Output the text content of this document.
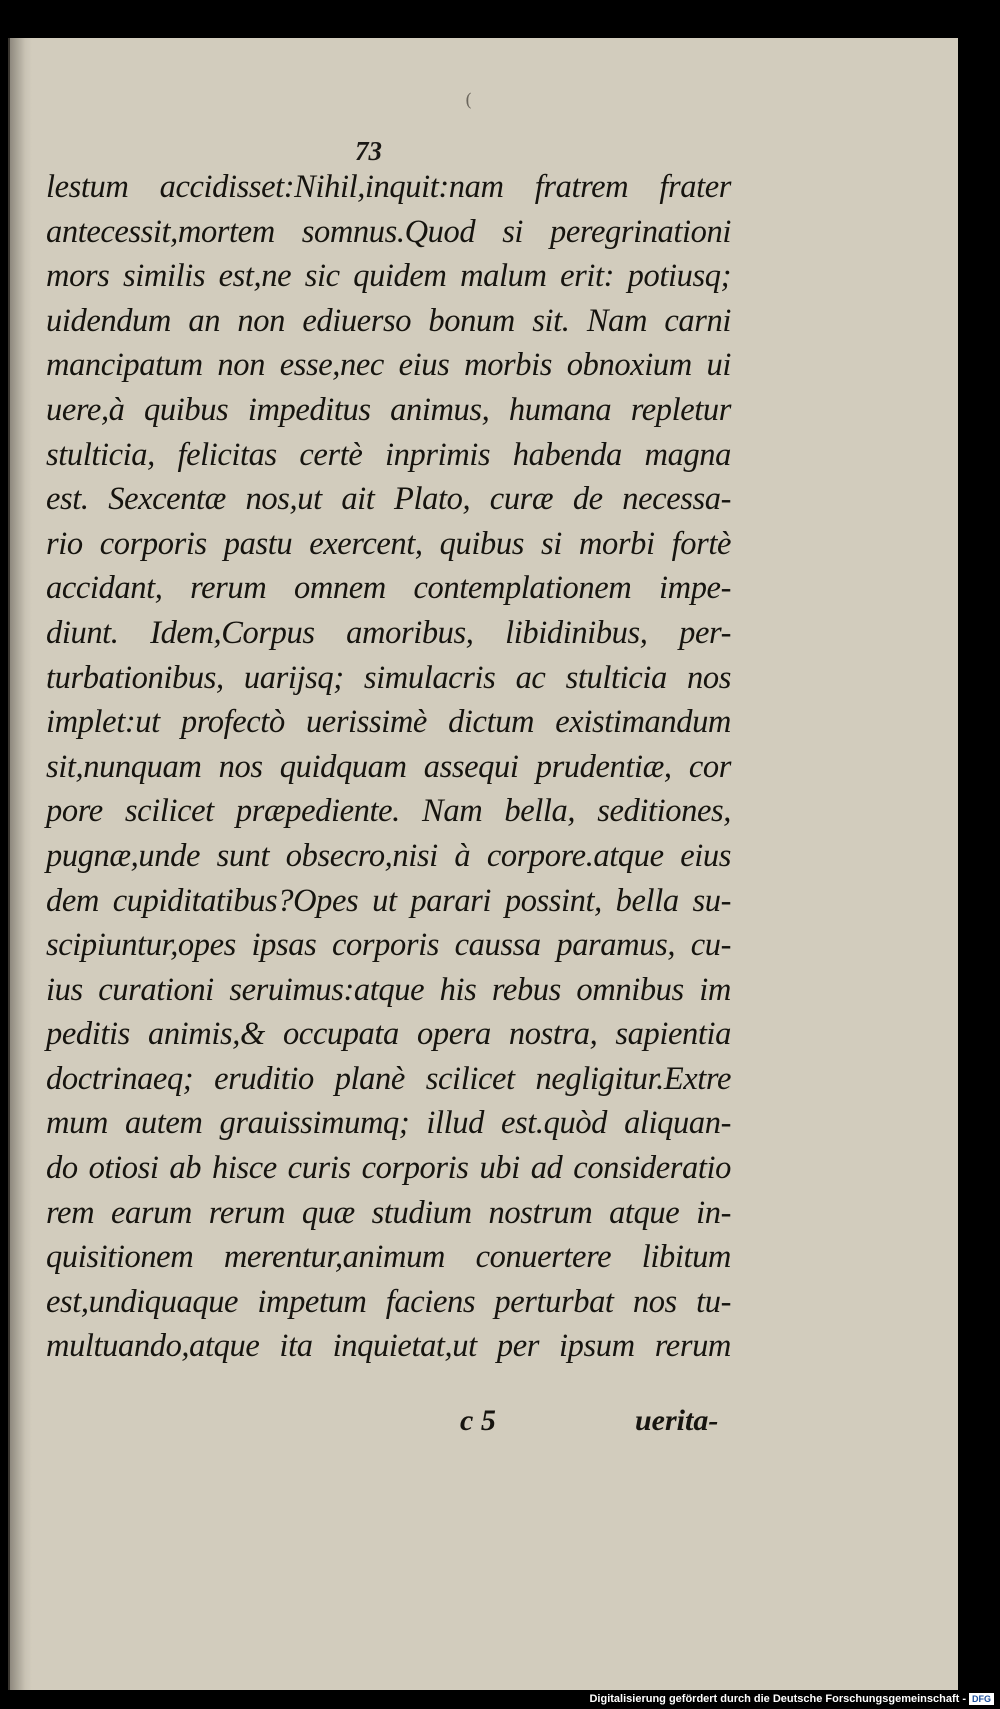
(
73
lestum accidisset:Nihil,inquit:nam fratrem frater
antecessit,mortem somnus.Quod si peregrinationi
mors similis est,ne sic quidem malum erit: potiusq;
uidendum an non ediuerso bonum sit. Nam carni
mancipatum non esse,nec eius morbis obnoxium ui
uere,à quibus impeditus animus, humana repletur
stulticia, felicitas certè inprimis habenda magna
est. Sexcentæ nos,ut ait Plato, curæ de necessa-
rio corporis pastu exercent, quibus si morbi fortè
accidant, rerum omnem contemplationem impe-
diunt. Idem,Corpus amoribus, libidinibus, per-
turbationibus, uarijsq; simulacris ac stulticia nos
implet:ut profectò uerissimè dictum existimandum
sit,nunquam nos quidquam assequi prudentiæ, cor
pore scilicet præpediente. Nam bella, seditiones,
pugnæ,unde sunt obsecro,nisi à corpore.atque eius
dem cupiditatibus?Opes ut parari possint, bella su-
scipiuntur,opes ipsas corporis caussa paramus, cu-
ius curationi seruimus:atque his rebus omnibus im
peditis animis,& occupata opera nostra, sapientia
doctrinaeq; eruditio planè scilicet negligitur.Extre
mum autem grauissimumq; illud est.quòd aliquan-
do otiosi ab hisce curis corporis ubi ad consideratio
rem earum rerum quæ studium nostrum atque in-
quisitionem merentur,animum conuertere libitum
est,undiquaque impetum faciens perturbat nos tu-
multuando,atque ita inquietat,ut per ipsum rerum
c 5	uerita-
Digitalisierung gefördert durch die Deutsche Forschungsgemeinschaft - DFG
